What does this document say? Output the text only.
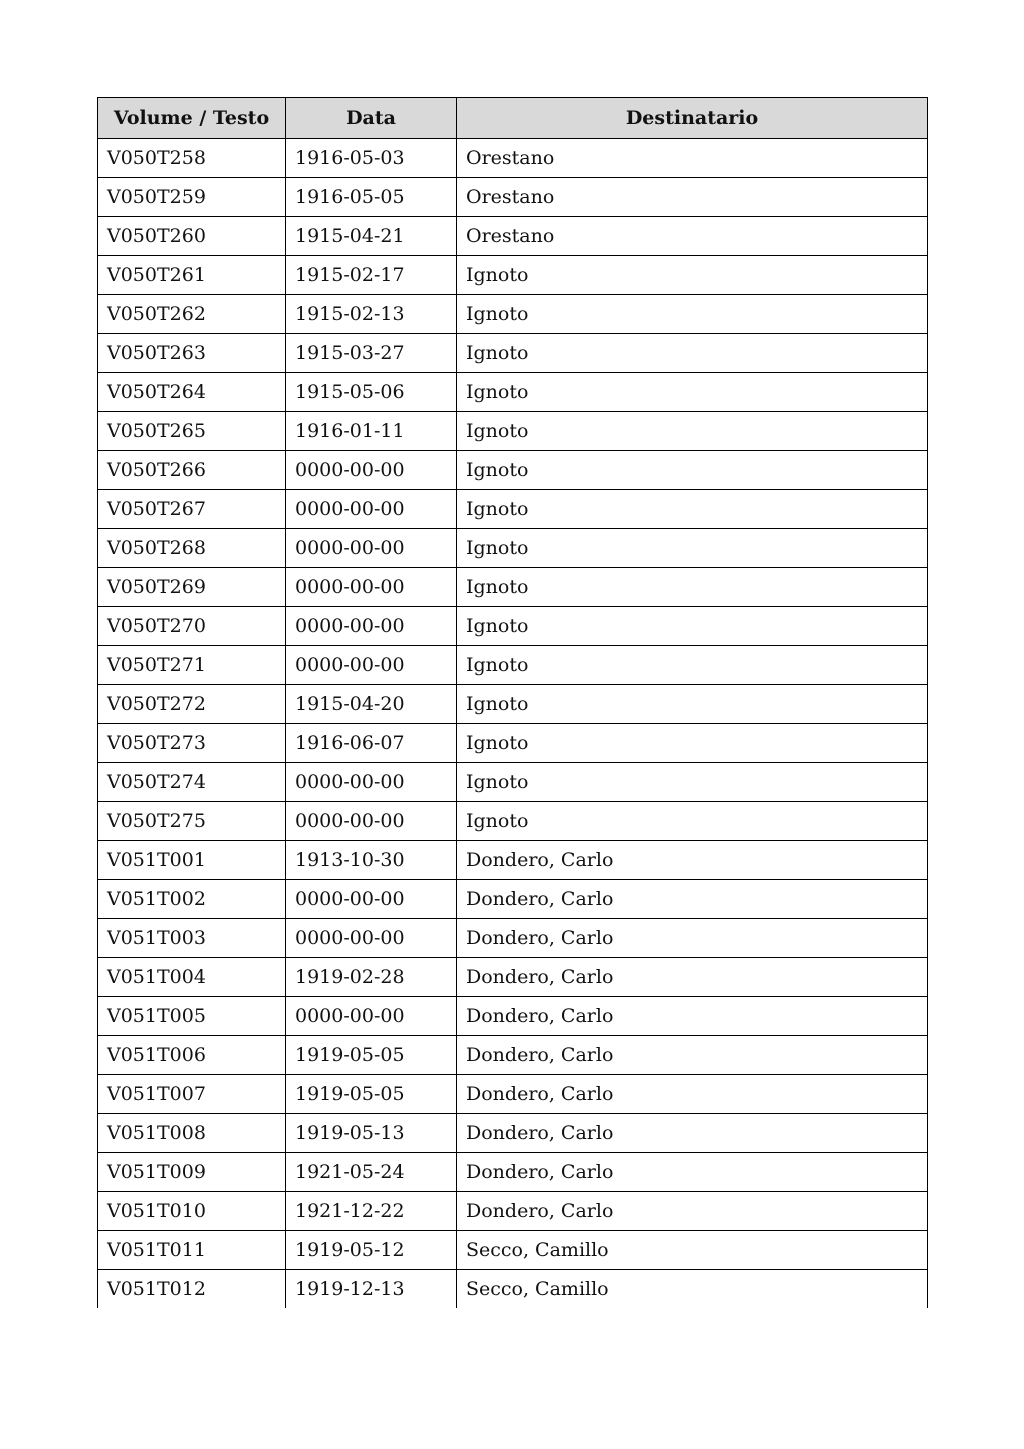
Volume / Testo	Data	Destinatario
V050T258	1916-05-03	Orestano
V050T259	1916-05-05	Orestano
V050T260	1915-04-21	Orestano
V050T261	1915-02-17	Ignoto
V050T262	1915-02-13	Ignoto
V050T263	1915-03-27	Ignoto
V050T264	1915-05-06	Ignoto
V050T265	1916-01-11	Ignoto
V050T266	0000-00-00	Ignoto
V050T267	0000-00-00	Ignoto
V050T268	0000-00-00	Ignoto
V050T269	0000-00-00	Ignoto
V050T270	0000-00-00	Ignoto
V050T271	0000-00-00	Ignoto
V050T272	1915-04-20	Ignoto
V050T273	1916-06-07	Ignoto
V050T274	0000-00-00	Ignoto
V050T275	0000-00-00	Ignoto
V051T001	1913-10-30	Dondero, Carlo
V051T002	0000-00-00	Dondero, Carlo
V051T003	0000-00-00	Dondero, Carlo
V051T004	1919-02-28	Dondero, Carlo
V051T005	0000-00-00	Dondero, Carlo
V051T006	1919-05-05	Dondero, Carlo
V051T007	1919-05-05	Dondero, Carlo
V051T008	1919-05-13	Dondero, Carlo
V051T009	1921-05-24	Dondero, Carlo
V051T010	1921-12-22	Dondero, Carlo
V051T011	1919-05-12	Secco, Camillo
V051T012	1919-12-13	Secco, Camillo
